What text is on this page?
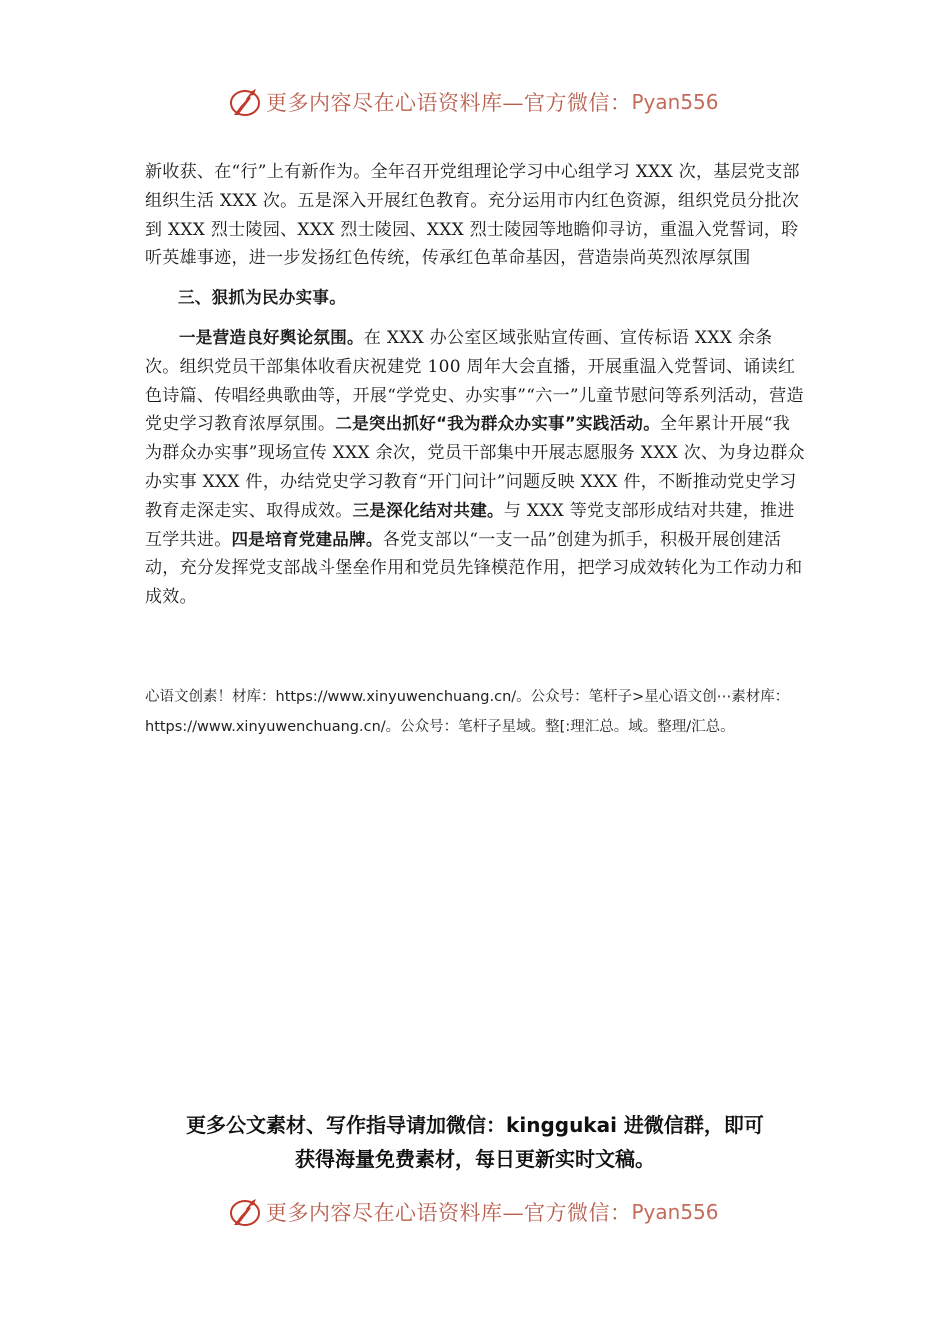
更多内容尽在心语资料库—官方微信： Pyan556

新收获、在“行”上有新作为。全年召开党组理论学习中心组学习 XXX 次，基层党支部组织生活 XXX 次。五是深入开展红色教育。充分运用市内红色资源，组织党员分批次到 XXX 烈士陵园、XXX 烈士陵园、XXX 烈士陵园等地瞻仰寻访，重温入党誓词，聆听英雄事迹，进一步发扬红色传统，传承红色革命基因，营造崇尚英烈浓厚氛围

三、狠抓为民办实事。

一是营造良好舆论氛围。在 XXX 办公室区域张贴宣传画、宣传标语 XXX 余条次。组织党员干部集体收看庆祝建党 100 周年大会直播，开展重温入党誓词、诵读红色诗篇、传唱经典歌曲等，开展“学党史、办实事”“六一”儿童节慰问等系列活动，营造党史学习教育浓厚氛围。二是突出抓好“我为群众办实事”实践活动。全年累计开展“我为群众办实事”现场宣传 XXX 余次，党员干部集中开展志愿服务 XXX 次、为身边群众办实事 XXX 件，办结党史学习教育“开门问计”问题反映 XXX 件，不断推动党史学习教育走深走实、取得成效。三是深化结对共建。与 XXX 等党支部形成结对共建，推进互学共进。四是培育党建品牌。各党支部以“一支一品”创建为抓手，积极开展创建活动，充分发挥党支部战斗堡垒作用和党员先锋模范作用，把学习成效转化为工作动力和成效。

心语文创素！材库：https://www.xinyuwenchuang.cn/。公众号：笔杆子>星心语文创⋯素材库：https://www.xinyuwenchuang.cn/。公众号：笔杆子星域。整[:理汇总。域。整理/汇总。
更多公文素材、写作指导请加微信：kinggukai 进微信群，即可
获得海量免费素材，每日更新实时文稿。
更多内容尽在心语资料库—官方微信： Pyan556
